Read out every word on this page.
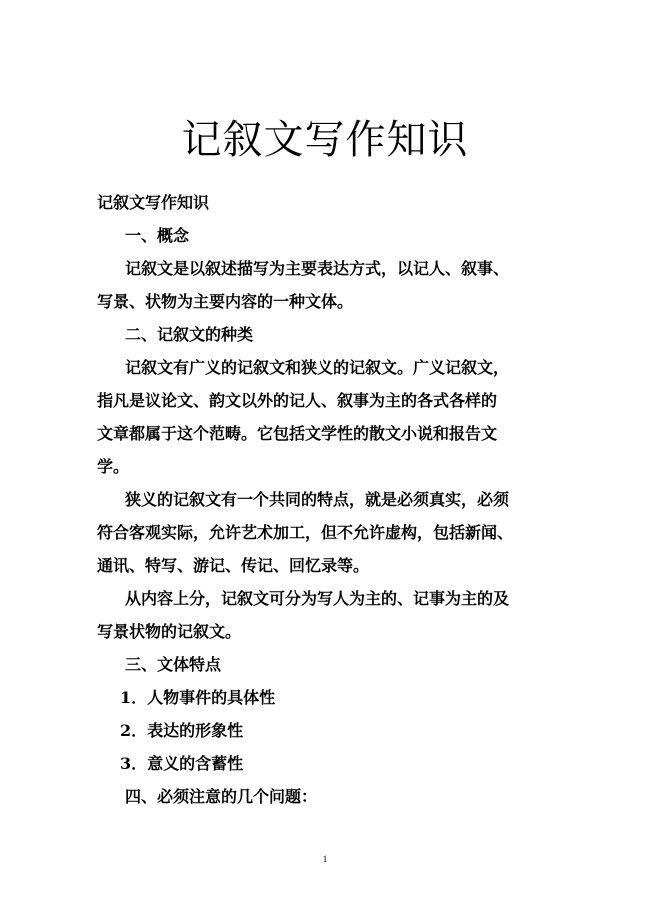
记叙文写作知识
记叙文写作知识
一、概念
记叙文是以叙述描写为主要表达方式，以记人、叙事、
写景、状物为主要内容的一种文体。
二、记叙文的种类
记叙文有广义的记叙文和狭义的记叙文。广义记叙文，
指凡是议论文、韵文以外的记人、叙事为主的各式各样的
文章都属于这个范畴。它包括文学性的散文小说和报告文
学。
狭义的记叙文有一个共同的特点，就是必须真实，必须
符合客观实际，允许艺术加工，但不允许虚构，包括新闻、
通讯、特写、游记、传记、回忆录等。
从内容上分，记叙文可分为写人为主的、记事为主的及
写景状物的记叙文。
三、文体特点
1．人物事件的具体性
2．表达的形象性
3．意义的含蓄性
四、必须注意的几个问题：
1
